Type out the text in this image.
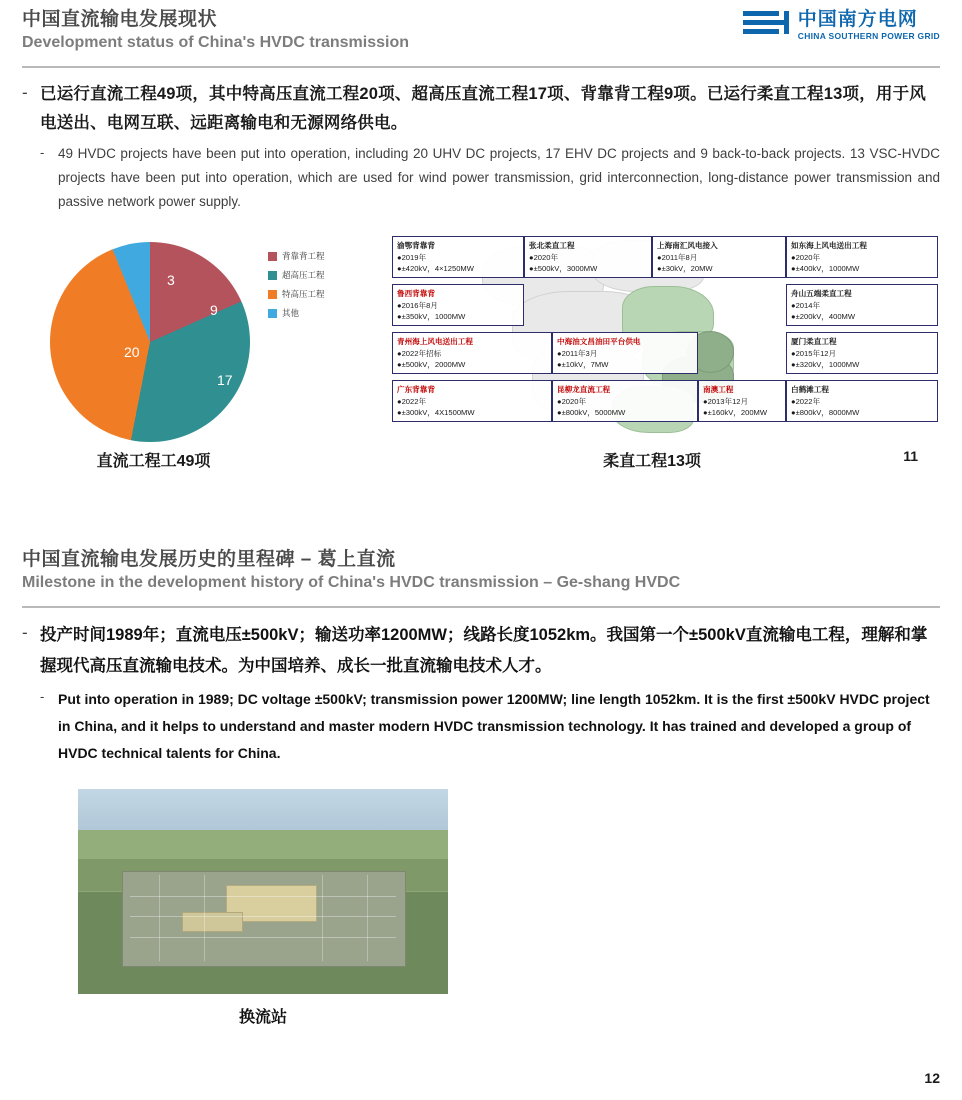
中国直流输电发展现状
Development status of China's HVDC transmission
中国南方电网
CHINA SOUTHERN POWER GRID
- 已运行直流工程49项，其中特高压直流工程20项、超高压直流工程17项、背靠背工程9项。已运行柔直工程13项，用于风电送出、电网互联、远距离输电和无源网络供电。
-	49 HVDC projects have been put into operation, including 20 UHV DC projects, 17 EHV DC projects and 9 back-to-back projects. 13 VSC-HVDC projects have been put into operation, which are used for wind power transmission, grid interconnection, long-distance power transmission and passive network power supply.
9
17
20
3
背靠背工程
超高压工程
特高压工程
其他
直流工程工49项
渝鄂背靠背
●2019年
●±420kV，4×1250MW
张北柔直工程
●2020年
●±500kV，3000MW
上海南汇风电接入
●2011年8月
●±30kV，20MW
如东海上风电送出工程
●2020年
●±400kV，1000MW
鲁西背靠背
●2016年8月
●±350kV，1000MW
舟山五端柔直工程
●2014年
●±200kV，400MW
青州海上风电送出工程
●2022年招标
●±500kV，2000MW
中海油文昌油田平台供电
●2011年3月
●±10kV，7MW
厦门柔直工程
●2015年12月
●±320kV，1000MW
广东背靠背
●2022年
●±300kV，4X1500MW
昆柳龙直流工程
●2020年
●±800kV，5000MW
南澳工程
●2013年12月
●±160kV，200MW
白鹤滩工程
●2022年
●±800kV，8000MW
柔直工程13项	11
中国直流输电发展历史的里程碑 – 葛上直流
Milestone in the development history of China's HVDC transmission – Ge-shang HVDC
- 投产时间1989年；直流电压±500kV；输送功率1200MW；线路长度1052km。我国第一个±500kV直流输电工程，理解和掌握现代高压直流输电技术。为中国培养、成长一批直流输电技术人才。
- Put into operation in 1989; DC voltage ±500kV; transmission power 1200MW; line length 1052km. It is the first ±500kV HVDC project in China, and it helps to understand and master modern HVDC transmission technology. It has trained and developed a group of HVDC technical talents for China.
换流站
12
